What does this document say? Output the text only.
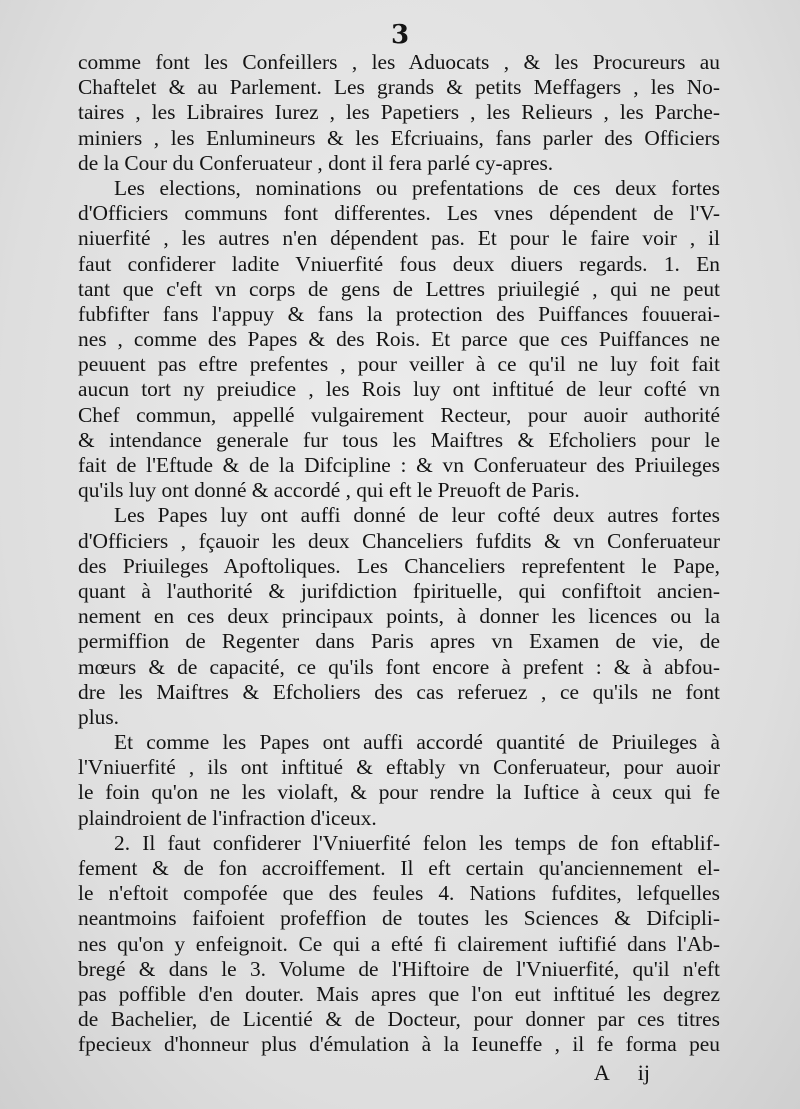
3
comme font les Confeillers , les Aduocats , & les Procureurs au
Chaftelet & au Parlement. Les grands & petits Meffagers , les No-
taires , les Libraires Iurez , les Papetiers , les Relieurs , les Parche-
miniers , les Enlumineurs & les Efcriuains, fans parler des Officiers
de la Cour du Conferuateur , dont il fera parlé cy-apres.
Les elections, nominations ou prefentations de ces deux fortes
d'Officiers communs font differentes. Les vnes dépendent de l'V-
niuerfité , les autres n'en dépendent pas. Et pour le faire voir , il
faut confiderer ladite Vniuerfité fous deux diuers regards. 1. En
tant que c'eft vn corps de gens de Lettres priuilegié , qui ne peut
fubfifter fans l'appuy & fans la protection des Puiffances fouuerai-
nes , comme des Papes & des Rois. Et parce que ces Puiffances ne
peuuent pas eftre prefentes , pour veiller à ce qu'il ne luy foit fait
aucun tort ny preiudice , les Rois luy ont inftitué de leur cofté vn
Chef commun, appellé vulgairement Recteur, pour auoir authorité
& intendance generale fur tous les Maiftres & Efcholiers pour le
fait de l'Eftude & de la Difcipline : & vn Conferuateur des Priuileges
qu'ils luy ont donné & accordé , qui eft le Preuoft de Paris.
Les Papes luy ont auffi donné de leur cofté deux autres fortes
d'Officiers , fçauoir les deux Chanceliers fufdits & vn Conferuateur
des Priuileges Apoftoliques. Les Chanceliers reprefentent le Pape,
quant à l'authorité & jurifdiction fpirituelle, qui confiftoit ancien-
nement en ces deux principaux points, à donner les licences ou la
permiffion de Regenter dans Paris apres vn Examen de vie, de
mœurs & de capacité, ce qu'ils font encore à prefent : & à abfou-
dre les Maiftres & Efcholiers des cas referuez , ce qu'ils ne font
plus.
Et comme les Papes ont auffi accordé quantité de Priuileges à
l'Vniuerfité , ils ont inftitué & eftably vn Conferuateur, pour auoir
le foin qu'on ne les violaft, & pour rendre la Iuftice à ceux qui fe
plaindroient de l'infraction d'iceux.
2. Il faut confiderer l'Vniuerfité felon les temps de fon eftablif-
fement & de fon accroiffement. Il eft certain qu'anciennement el-
le n'eftoit compofée que des feules 4. Nations fufdites, lefquelles
neantmoins faifoient profeffion de toutes les Sciences & Difcipli-
nes qu'on y enfeignoit. Ce qui a efté fi clairement iuftifié dans l'Ab-
bregé & dans le 3. Volume de l'Hiftoire de l'Vniuerfité, qu'il n'eft
pas poffible d'en douter. Mais apres que l'on eut inftitué les degrez
de Bachelier, de Licentié & de Docteur, pour donner par ces titres
fpecieux d'honneur plus d'émulation à la Ieuneffe , il fe forma peu
A ij
